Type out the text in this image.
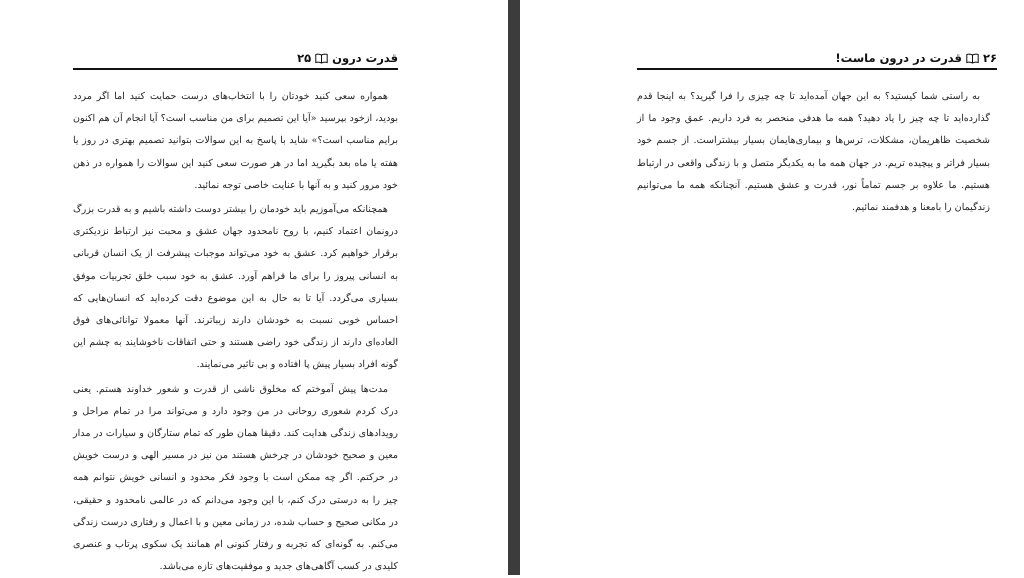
قدرت درون
۲۵

همواره سعی کنید خودتان را با انتخاب‌های درست حمایت کنید اما اگر مردد بودید، ازخود بپرسید «آیا این تصمیم برای من مناسب است؟ آیا انجام آن هم اکنون برایم مناسب است؟» شاید با پاسخ به این سوالات بتوانید تصمیم بهتری در روز یا هفته یا ماه بعد بگیرید اما در هر صورت سعی کنید این سوالات را همواره در ذهن خود مرور کنید و به آنها با عنایت خاصی توجه نمائید.

همچنانکه می‌آموزیم باید خودمان را بیشتر دوست داشته باشیم و به قدرت بزرگ درونمان اعتماد کنیم، با روح نامحدود جهان عشق و محبت نیز ارتباط نزدیکتری برقرار خواهیم کرد. عشق به خود می‌تواند موجبات پیشرفت از یک انسان قربانی به انسانی پیروز را برای ما فراهم آورد. عشق به خود سبب خلق تجربیات موفق بسیاری می‌گردد. آیا تا به حال به این موضوع دقت کرده‌اید که انسان‌هایی که احساس خوبی نسبت به خودشان دارند زیباترند. آنها معمولا توانائی‌های فوق العاده‌ای دارند از زندگی خود راضی هستند و حتی اتفاقات ناخوشایند به چشم این گونه افراد بسیار پیش پا افتاده و بی تاثیر می‌نمایند.

مدت‌ها پیش آموختم که مخلوق ناشی از قدرت و شعور خداوند هستم. یعنی درک کردم شعوری روحانی در من وجود دارد و می‌تواند مرا در تمام مراحل و رویدادهای زندگی هدایت کند. دقیقا همان طور که تمام ستارگان و سیارات در مدار معین و صحیح خودشان در چرخش هستند من نیز در مسیر الهی و درست خویش در حرکتم. اگر چه ممکن است با وجود فکر محدود و انسانی خویش نتوانم همه چیز را به درستی درک کنم، با این وجود می‌دانم که در عالمی نامحدود و حقیقی، در مکانی صحیح و حساب شده، در زمانی معین و با اعمال و رفتاری درست زندگی می‌کنم. به گونه‌ای که تجربه و رفتار کنونی ام همانند یک سکوی پرتاب و عنصری کلیدی در کسب آگاهی‌های جدید و موفقیت‌های تازه می‌باشد.

۲۶
قدرت در درون ماست!

به راستی شما کیستید؟ به این جهان آمده‌اید تا چه چیزی را فرا گیرید؟ به اینجا قدم گذارده‌اید تا چه چیز را یاد دهید؟ همه ما هدفی منحصر به فرد داریم. عمق وجود ما از شخصیت ظاهریمان، مشکلات، ترس‌ها و بیماری‌هایمان بسیار بیشتراست. از جسم خود بسیار فراتر و پیچیده تریم. در جهان همه ما به یکدیگر متصل و با زندگی واقعی در ارتباط هستیم. ما علاوه بر جسم تماماً نور، قدرت و عشق هستیم. آنچنانکه همه ما می‌توانیم زندگیمان را بامعنا و هدفمند نمائیم.
